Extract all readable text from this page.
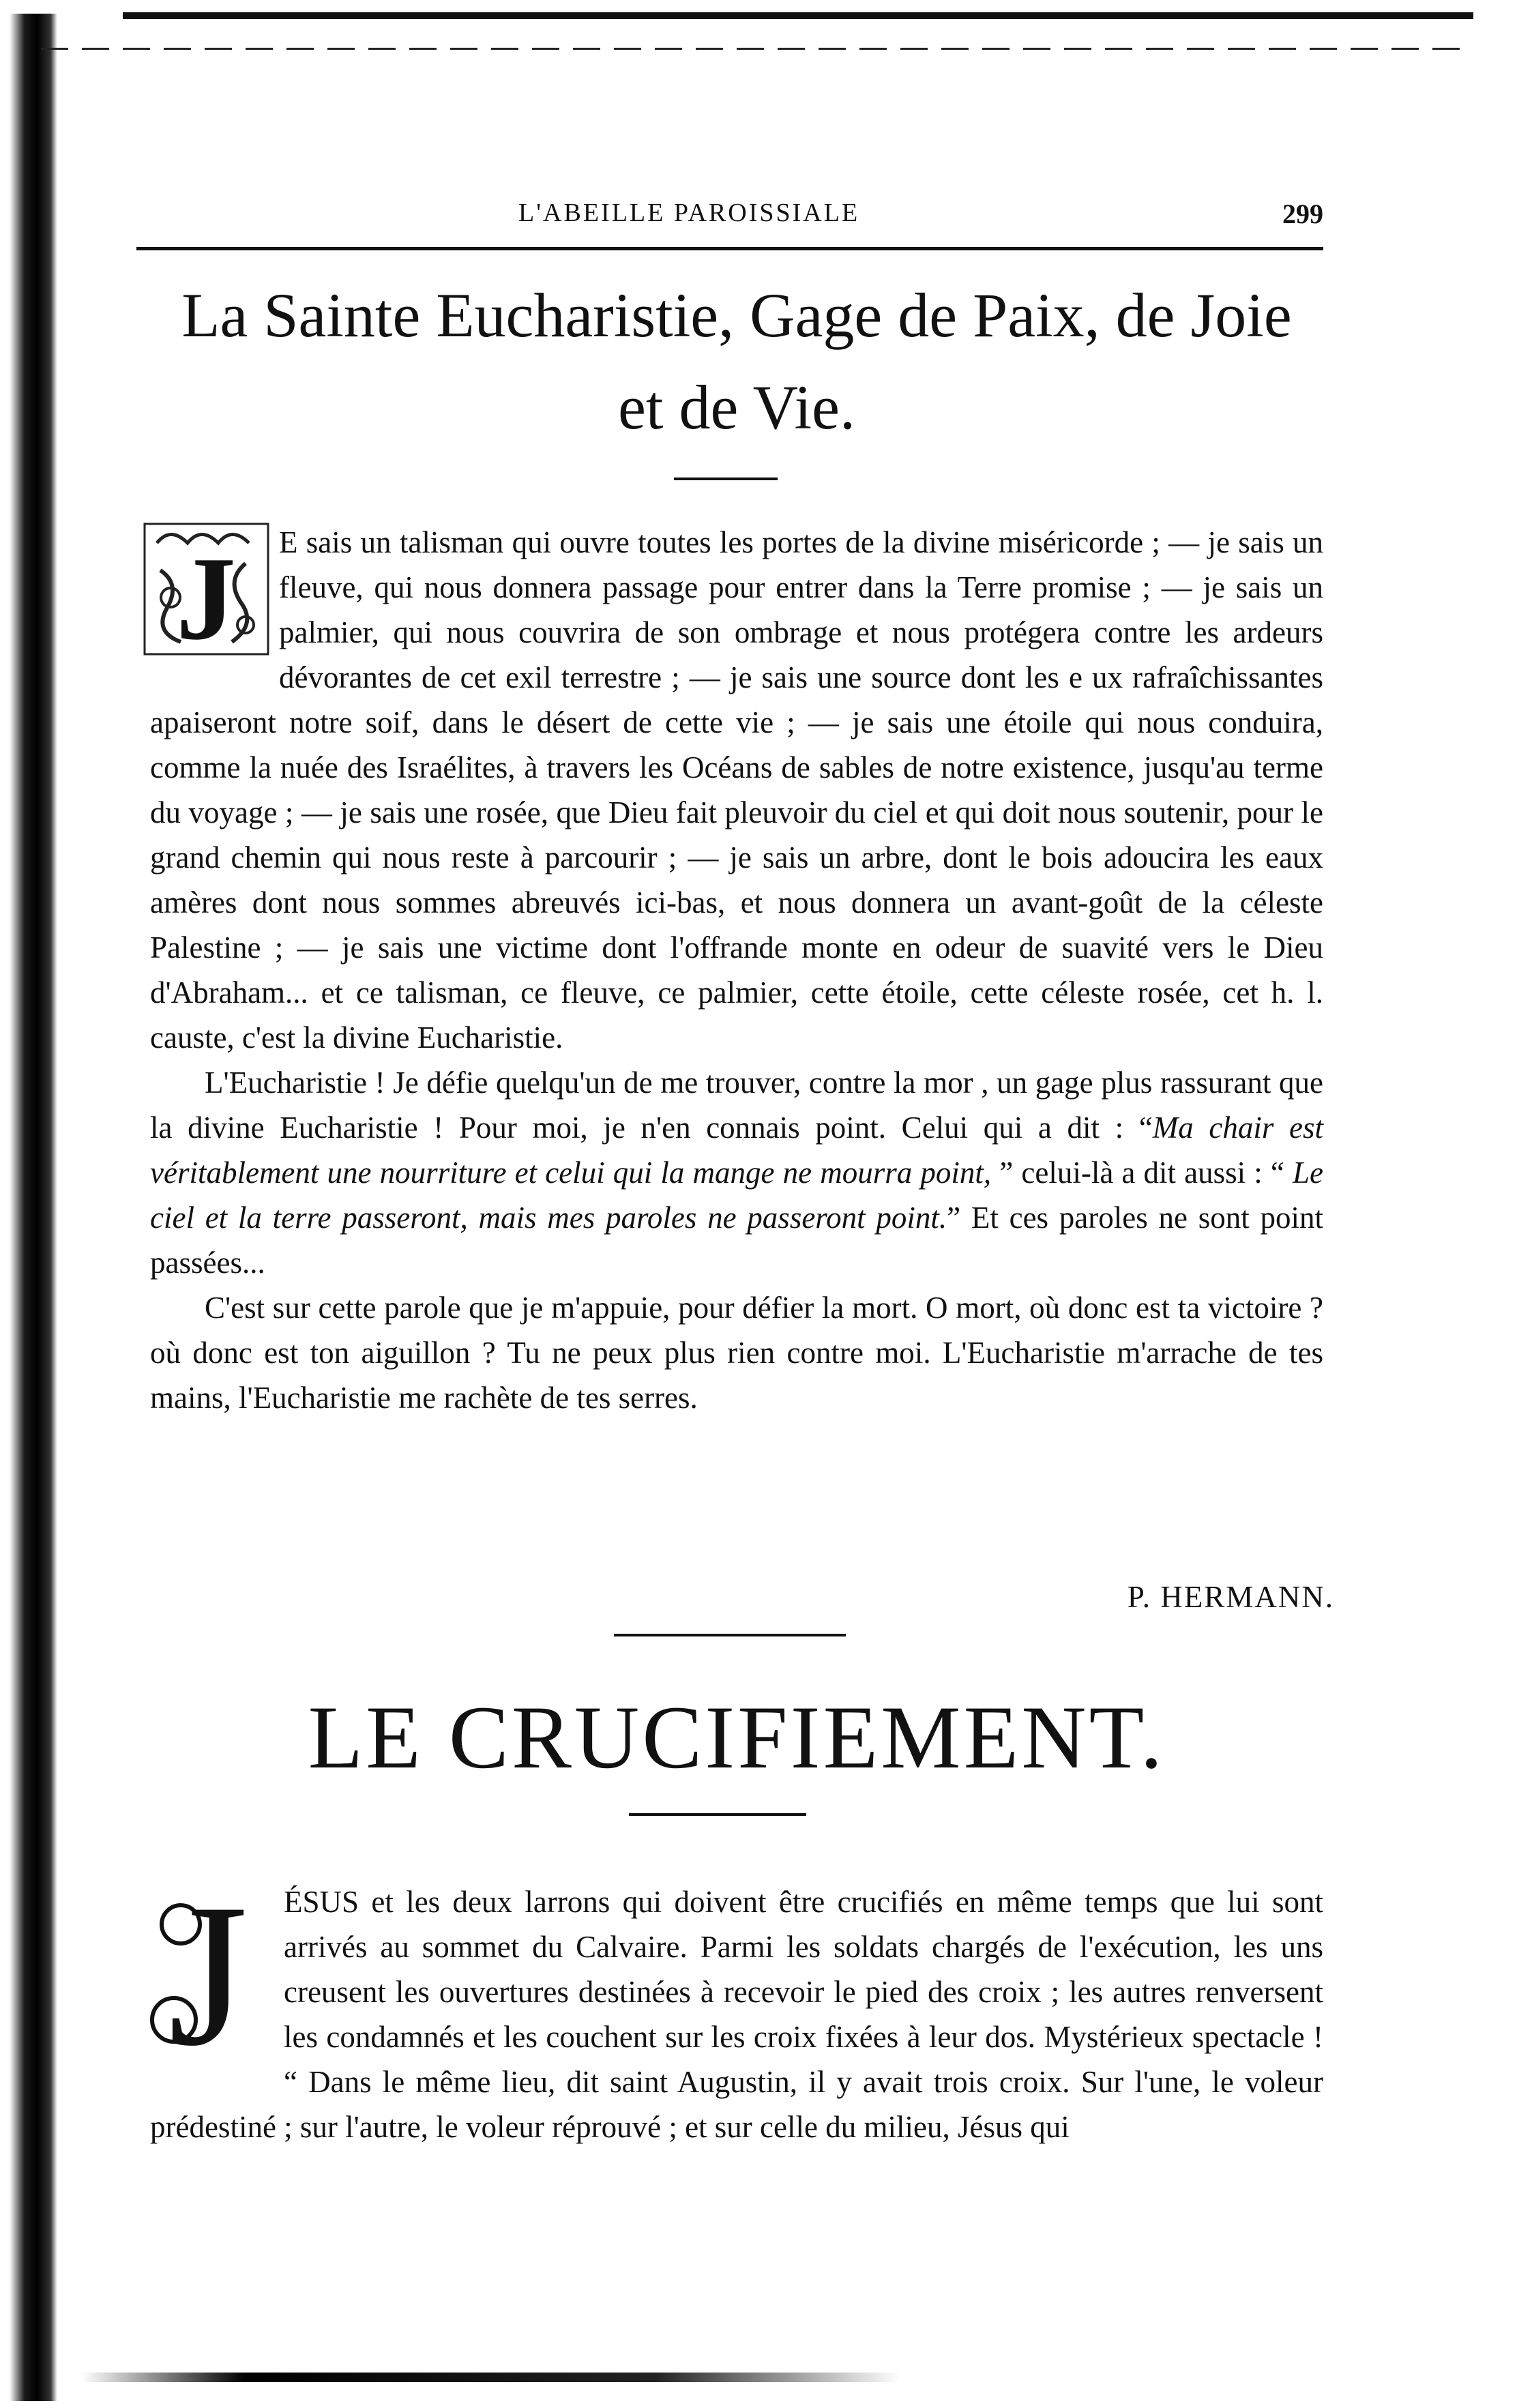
L'ABEILLE PAROISSIALE	299
La Sainte Eucharistie, Gage de Paix, de Joie
et de Vie.
J	E sais un talisman qui ouvre toutes les portes de la divine miséricorde ; — je sais un fleuve, qui nous donnera passage pour entrer dans la Terre promise ; — je sais un palmier, qui nous couvrira de son ombrage et nous protégera contre les ardeurs dévorantes de cet exil terrestre ; — je sais une source dont les e ux rafraîchissantes apaiseront notre soif, dans le désert de cette vie ; — je sais une étoile qui nous conduira, comme la nuée des Israélites, à travers les Océans de sables de notre existence, jusqu'au terme du voyage ; — je sais une rosée, que Dieu fait pleuvoir du ciel et qui doit nous soutenir, pour le grand chemin qui nous reste à parcourir ; — je sais un arbre, dont le bois adoucira les eaux amères dont nous sommes abreuvés ici-bas, et nous donnera un avant-goût de la céleste Palestine ; — je sais une victime dont l'offrande monte en odeur de suavité vers le Dieu d'Abraham... et ce talisman, ce fleuve, ce palmier, cette étoile, cette céleste rosée, cet h. l. causte, c'est la divine Eucharistie.

L'Eucharistie ! Je défie quelqu'un de me trouver, contre la mor , un gage plus rassurant que la divine Eucharistie ! Pour moi, je n'en connais point. Celui qui a dit : “Ma chair est véritablement une nourriture et celui qui la mange ne mourra point, ” celui-là a dit aussi : “ Le ciel et la terre passeront, mais mes paroles ne passeront point.” Et ces paroles ne sont point passées...

C'est sur cette parole que je m'appuie, pour défier la mort. O mort, où donc est ta victoire ? où donc est ton aiguillon ? Tu ne peux plus rien contre moi. L'Eucharistie m'arrache de tes mains, l'Eucharistie me rachète de tes serres.

P. HERMANN.
LE CRUCIFIEMENT.
J	ÉSUS et les deux larrons qui doivent être crucifiés en même temps que lui sont arrivés au sommet du Calvaire. Parmi les soldats chargés de l'exécution, les uns creusent les ouvertures destinées à recevoir le pied des croix ; les autres renversent les condamnés et les couchent sur les croix fixées à leur dos. Mystérieux spectacle ! “ Dans le même lieu, dit saint Augustin, il y avait trois croix. Sur l'une, le voleur prédestiné ; sur l'autre, le voleur réprouvé ; et sur celle du milieu, Jésus qui
